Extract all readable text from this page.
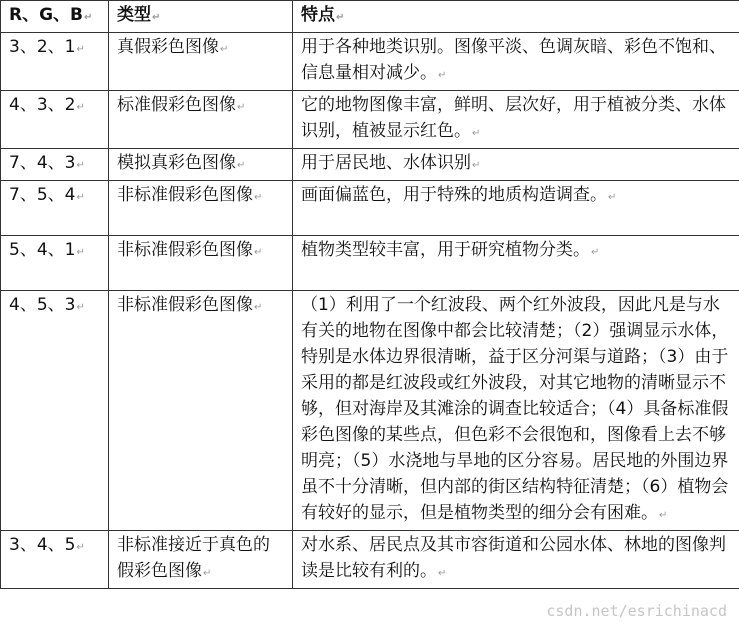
R、G、B↵	类型↵	特点↵
3、2、1↵	真假彩色图像↵	用于各种地类识别。图像平淡、色调灰暗、彩色不饱和、信息量相对减少。↵
4、3、2↵	标准假彩色图像↵	它的地物图像丰富，鲜明、层次好，用于植被分类、水体识别，植被显示红色。↵
7、4、3↵	模拟真彩色图像↵	用于居民地、水体识别↵
7、5、4↵	非标准假彩色图像↵	画面偏蓝色，用于特殊的地质构造调查。↵
5、4、1↵	非标准假彩色图像↵	植物类型较丰富，用于研究植物分类。↵
4、5、3↵	非标准假彩色图像↵	（1）利用了一个红波段、两个红外波段，因此凡是与水有关的地物在图像中都会比较清楚；（2）强调显示水体，特别是水体边界很清晰，益于区分河渠与道路；（3）由于采用的都是红波段或红外波段，对其它地物的清晰显示不够，但对海岸及其滩涂的调查比较适合；（4）具备标准假彩色图像的某些点，但色彩不会很饱和，图像看上去不够明亮；（5）水浇地与旱地的区分容易。居民地的外围边界虽不十分清晰，但内部的街区结构特征清楚；（6）植物会有较好的显示，但是植物类型的细分会有困难。↵
3、4、5↵	非标准接近于真色的假彩色图像↵	对水系、居民点及其市容街道和公园水体、林地的图像判读是比较有利的。↵
csdn.net/esrichinacd
